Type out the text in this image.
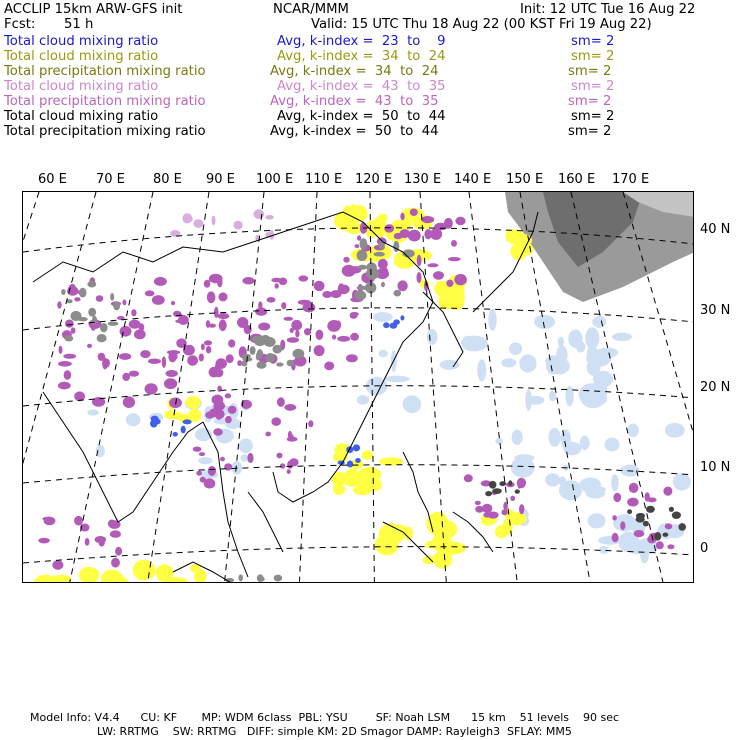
ACCLIP 15km ARW-GFS init	NCAR/MMM	Init: 12 UTC Tue 16 Aug 22
Fcst: 51 h	Valid: 15 UTC Thu 18 Aug 22 (00 KST Fri 19 Aug 22)
Total cloud mixing ratio	Avg, k-index =  23  to    9	sm= 2
Total cloud mixing ratio	Avg, k-index =  34  to  24	sm= 2
Total precipitation mixing ratio	Avg, k-index =  34  to  24	sm= 2
Total cloud mixing ratio	Avg, k-index =  43  to  35	sm= 2
Total precipitation mixing ratio	Avg, k-index =  43  to  35	sm= 2
Total cloud mixing ratio	Avg, k-index =  50  to  44	sm= 2
Total precipitation mixing ratio	Avg, k-index =  50  to  44	sm= 2
60 E 70 E 80 E 90 E 100 E 110 E 120 E 130 E 140 E 150 E 160 E 170 E
40 N
30 N
20 N
10 N
0
Model Info: V4.4      CU: KF       MP: WDM 6class  PBL: YSU        SF: Noah LSM      15 km    51 levels    90 sec
LW: RRTMG    SW: RRTMG   DIFF: simple KM: 2D Smagor DAMP: Rayleigh3  SFLAY: MM5
